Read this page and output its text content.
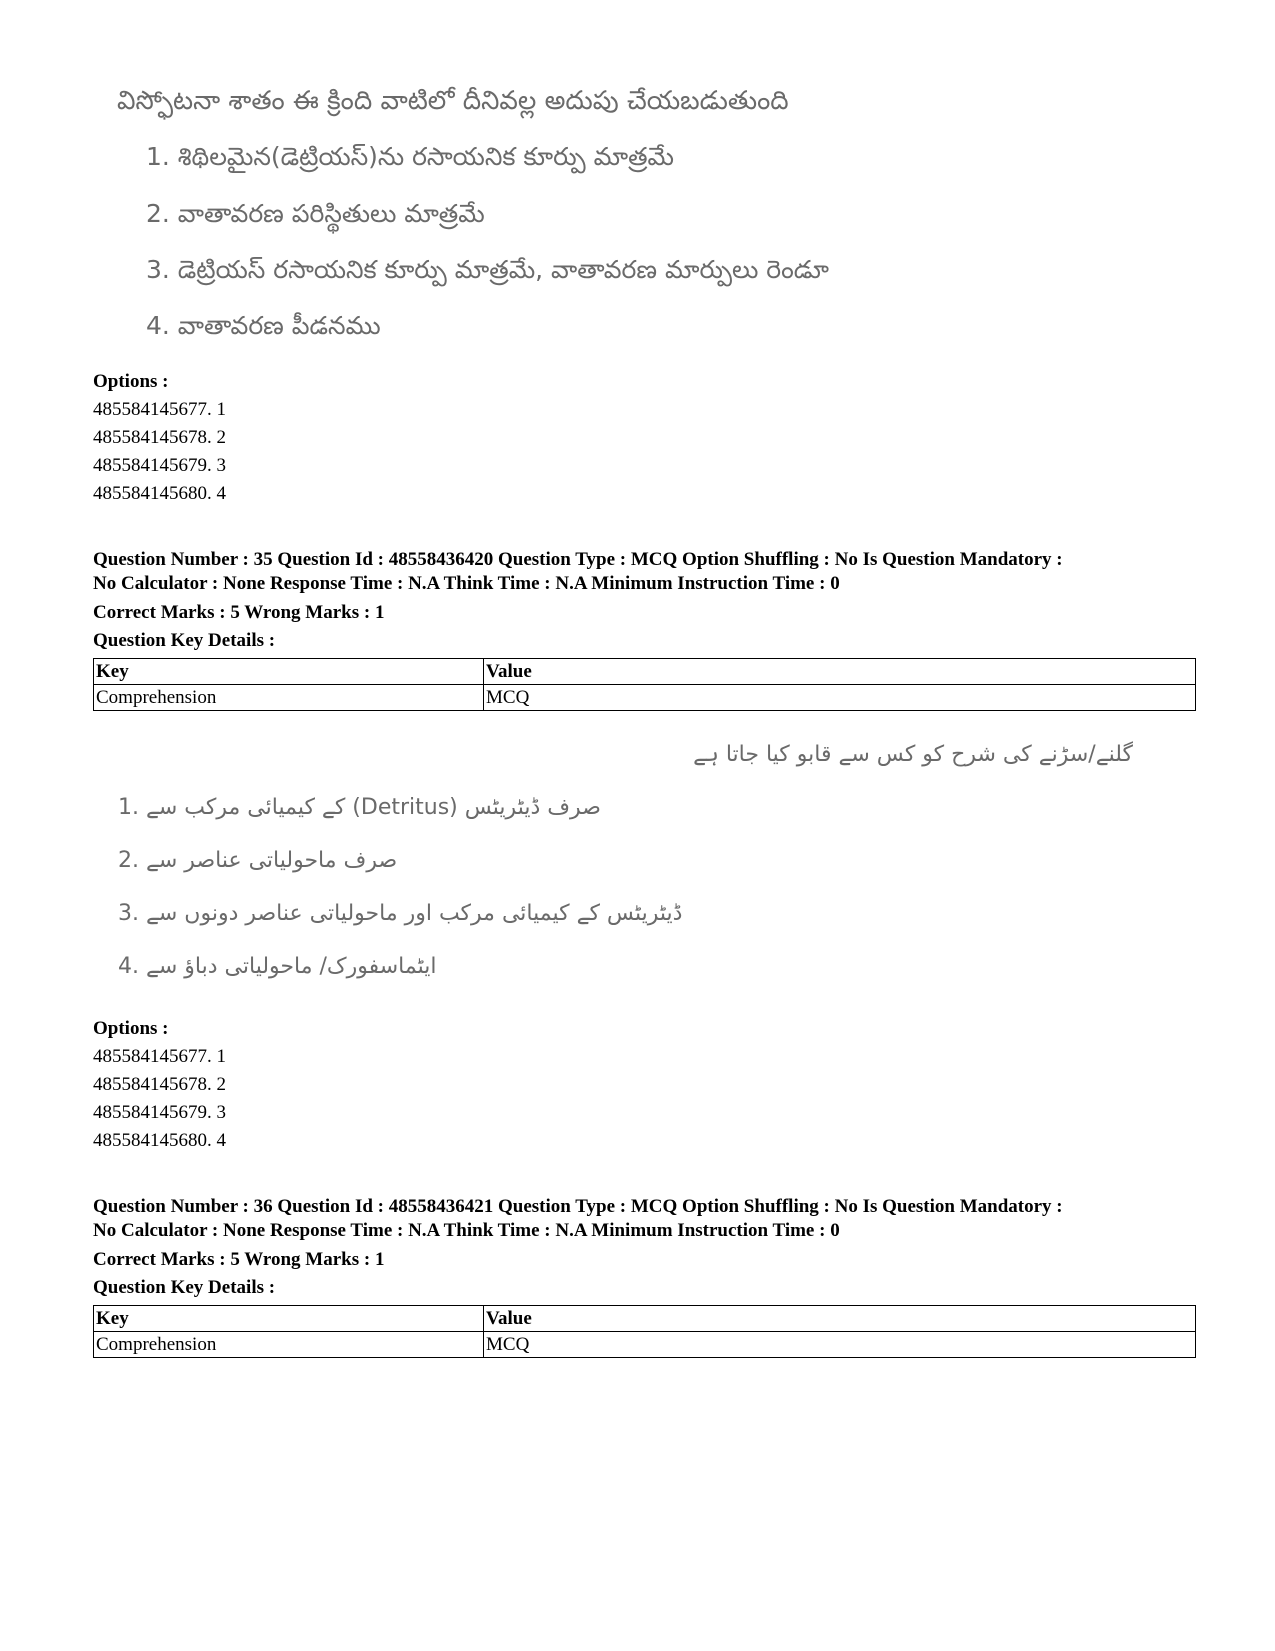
విస్ఫోటనా శాతం ఈ క్రింది వాటిలో దీనివల్ల అదుపు చేయబడుతుంది
1. శిథిలమైన(డెట్రియస్)ను రసాయనిక కూర్పు మాత్రమే
2. వాతావరణ పరిస్థితులు మాత్రమే
3. డెట్రియస్ రసాయనిక కూర్పు మాత్రమే, వాతావరణ మార్పులు రెండూ
4. వాతావరణ పీడనము
Options :
485584145677. 1
485584145678. 2
485584145679. 3
485584145680. 4
Question Number : 35 Question Id : 48558436420 Question Type : MCQ Option Shuffling : No Is Question Mandatory :
No Calculator : None Response Time : N.A Think Time : N.A Minimum Instruction Time : 0
Correct Marks : 5 Wrong Marks : 1
Question Key Details :
Key	Value
Comprehension	MCQ
گلنے/سڑنے کی شرح کو کس سے قابو کیا جاتا ہے
صرف ڈیٹریٹس (Detritus) کے کیمیائی مرکب سے .1
صرف ماحولیاتی عناصر سے .2
ڈیٹریٹس کے کیمیائی مرکب اور ماحولیاتی عناصر دونوں سے .3
ایٹماسفورک/ ماحولیاتی دباؤ سے .4
Options :
485584145677. 1
485584145678. 2
485584145679. 3
485584145680. 4
Question Number : 36 Question Id : 48558436421 Question Type : MCQ Option Shuffling : No Is Question Mandatory :
No Calculator : None Response Time : N.A Think Time : N.A Minimum Instruction Time : 0
Correct Marks : 5 Wrong Marks : 1
Question Key Details :
Key	Value
Comprehension	MCQ
